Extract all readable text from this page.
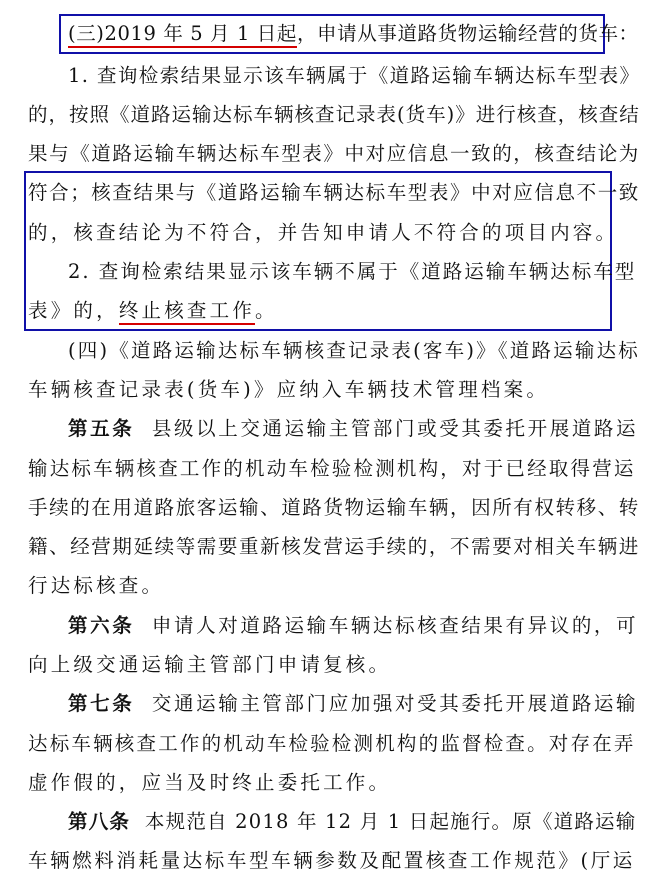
(三)2019 年 5 月 1 日起，申请从事道路货物运输经营的货车：
1. 查询检索结果显示该车辆属于《道路运输车辆达标车型表》
的，按照《道路运输达标车辆核查记录表(货车)》进行核查，核查结
果与《道路运输车辆达标车型表》中对应信息一致的，核查结论为
符合；核查结果与《道路运输车辆达标车型表》中对应信息不一致
的，核查结论为不符合，并告知申请人不符合的项目内容。
2. 查询检索结果显示该车辆不属于《道路运输车辆达标车型
表》的，终止核查工作。
(四)《道路运输达标车辆核查记录表(客车)》《道路运输达标
车辆核查记录表(货车)》应纳入车辆技术管理档案。
第五条 县级以上交通运输主管部门或受其委托开展道路运
输达标车辆核查工作的机动车检验检测机构，对于已经取得营运
手续的在用道路旅客运输、道路货物运输车辆，因所有权转移、转
籍、经营期延续等需要重新核发营运手续的，不需要对相关车辆进
行达标核查。
第六条 申请人对道路运输车辆达标核查结果有异议的，可
向上级交通运输主管部门申请复核。
第七条 交通运输主管部门应加强对受其委托开展道路运输
达标车辆核查工作的机动车检验检测机构的监督检查。对存在弄
虚作假的，应当及时终止委托工作。
第八条 本规范自 2018 年 12 月 1 日起施行。原《道路运输
车辆燃料消耗量达标车型车辆参数及配置核查工作规范》(厅运
